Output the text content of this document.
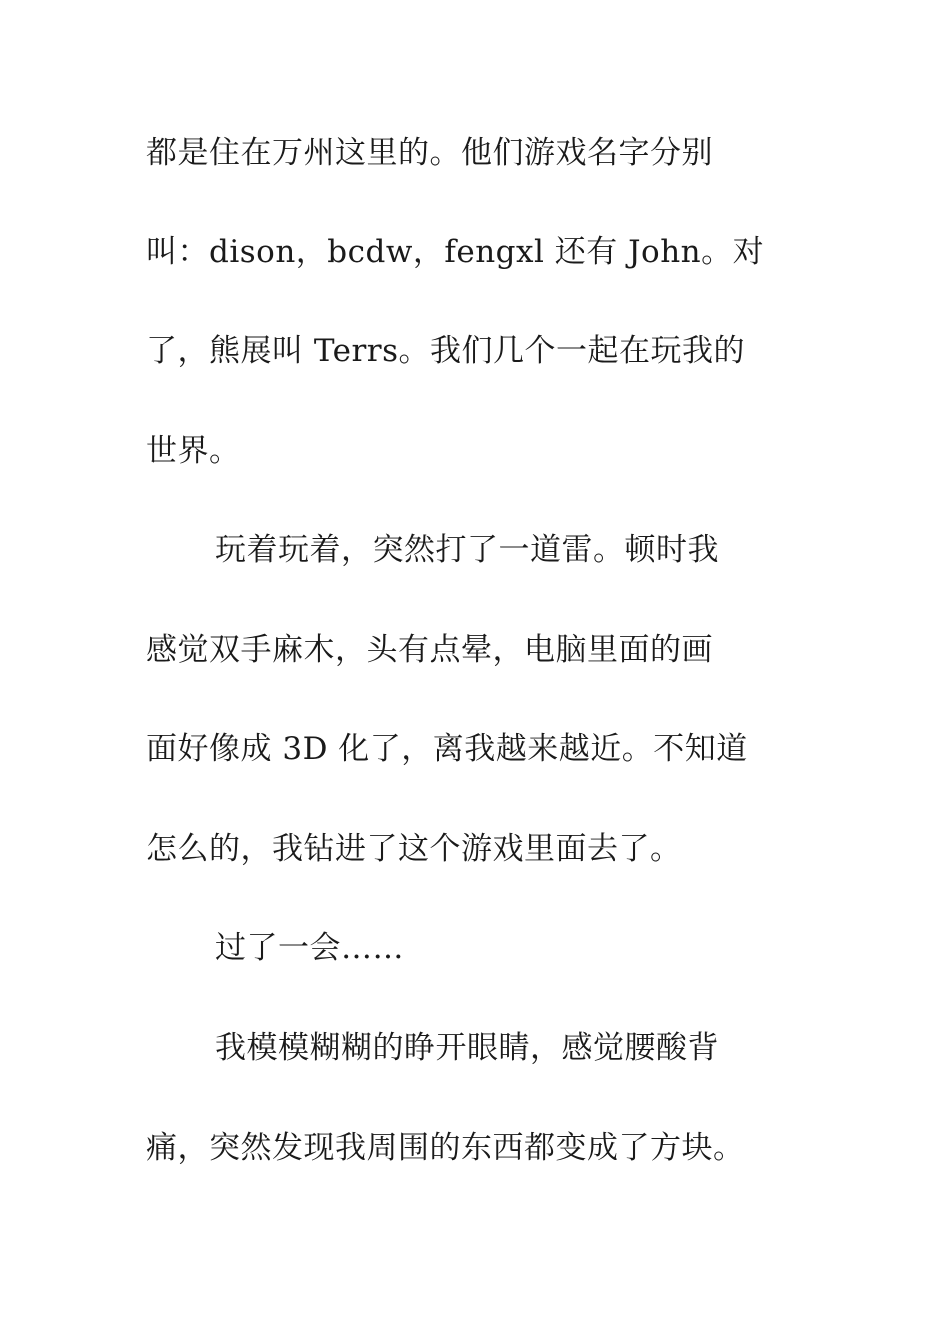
都是住在万州这里的。他们游戏名字分别
叫：dison，bcdw，fengxl 还有 John。对
了，熊展叫 Terrs。我们几个一起在玩我的
世界。
玩着玩着，突然打了一道雷。顿时我
感觉双手麻木，头有点晕，电脑里面的画
面好像成 3D 化了，离我越来越近。不知道
怎么的，我钻进了这个游戏里面去了。
过了一会……
我模模糊糊的睁开眼睛，感觉腰酸背
痛，突然发现我周围的东西都变成了方块。
